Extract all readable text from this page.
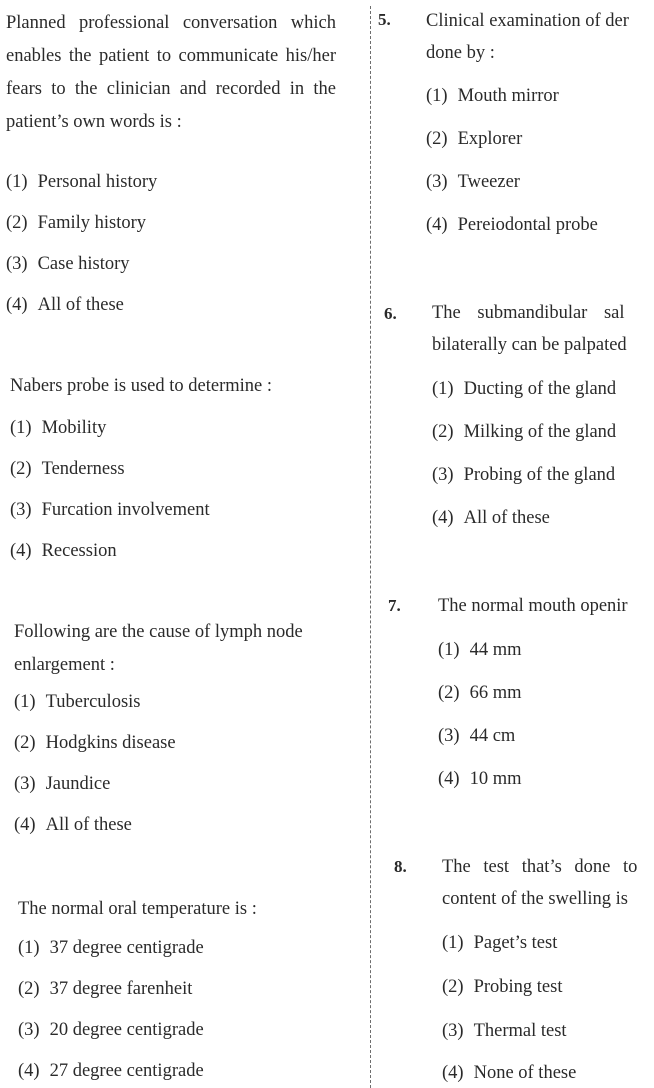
Planned professional conversation which enables the patient to communicate his/her fears to the clinician and recorded in the patient’s own words is :
(1) Personal history
(2) Family history
(3) Case history
(4) All of these
Nabers probe is used to determine :
(1) Mobility
(2) Tenderness
(3) Furcation involvement
(4) Recession
Following are the cause of lymph node enlargement :
(1) Tuberculosis
(2) Hodgkins disease
(3) Jaundice
(4) All of these
The normal oral temperature is :
(1) 37 degree centigrade
(2) 37 degree farenheit
(3) 20 degree centigrade
(4) 27 degree centigrade
5. Clinical examination of der
done by :
(1) Mouth mirror
(2) Explorer
(3) Tweezer
(4) Pereiodontal probe
6. The submandibular sal
bilaterally can be palpated
(1) Ducting of the gland
(2) Milking of the gland
(3) Probing of the gland
(4) All of these
7. The normal mouth openir
(1) 44 mm
(2) 66 mm
(3) 44 cm
(4) 10 mm
8. The test that’s done to
content of the swelling is
(1) Paget’s test
(2) Probing test
(3) Thermal test
(4) None of these
